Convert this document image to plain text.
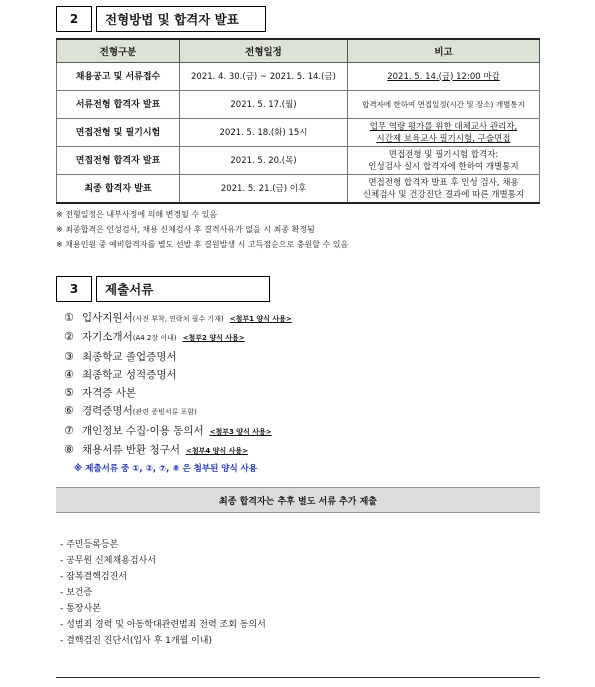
2	전형방법 및 합격자 발표
전형구분	전형일정	비고
채용공고 및 서류접수	2021. 4. 30.(금) ~ 2021. 5. 14.(금)	2021. 5. 14.(금) 12:00 마감
서류전형 합격자 발표	2021. 5. 17.(월)	합격자에 한하여 면접일정(시간 및 장소) 개별통지
면접전형 및 필기시험	2021. 5. 18.(화) 15시	업무 역량 평가를 위한 대체교사 관리자,
시간제 보육교사 필기시험, 구술면접

면접전형 합격자 발표	2021. 5. 20.(목)	면접전형 및 필기시험 합격자:
인성검사 실시 합격자에 한하여 개별통지

최종 합격자 발표	2021. 5. 21.(금) 이후	면접전형 합격자 발표 후 인성 검사, 채용
신체검사 및 건강진단 결과에 따른 개별통지
※ 전형일정은 내부사정에 의해 변경될 수 있음
※ 최종합격은 인성검사, 채용 신체검사 후 결격사유가 없을 시 최종 확정됨
※ 채용인원 중 예비합격자를 별도 선발 후 결원발생 시 고득점순으로 충원할 수 있음
3	제출서류
① 입사지원서 (사진 부착, 연락처 필수 기재) <첨부1 양식 사용>
② 자기소개서 (A4 2장 이내) <첨부2 양식 사용>
③ 최종학교 졸업증명서
④ 최종학교 성적증명서
⑤ 자격증 사본
⑥ 경력증명서 (관련 증빙서류 포함)
⑦ 개인정보 수집·이용 동의서 <첨부3 양식 사용>
⑧ 채용서류 반환 청구서 <첨부4 양식 사용>
※ 제출서류 중 ①, ②, ⑦, ⑧ 은 첨부된 양식 사용
최종 합격자는 추후 별도 서류 추가 제출
- 주민등록등본
- 공무원 신체채용검사서
- 잠복결핵검진서
- 보건증
- 통장사본
- 성범죄 경력 및 아동학대관련범죄 전력 조회 동의서
- 결핵검진 진단서(입사 후 1개월 이내)
